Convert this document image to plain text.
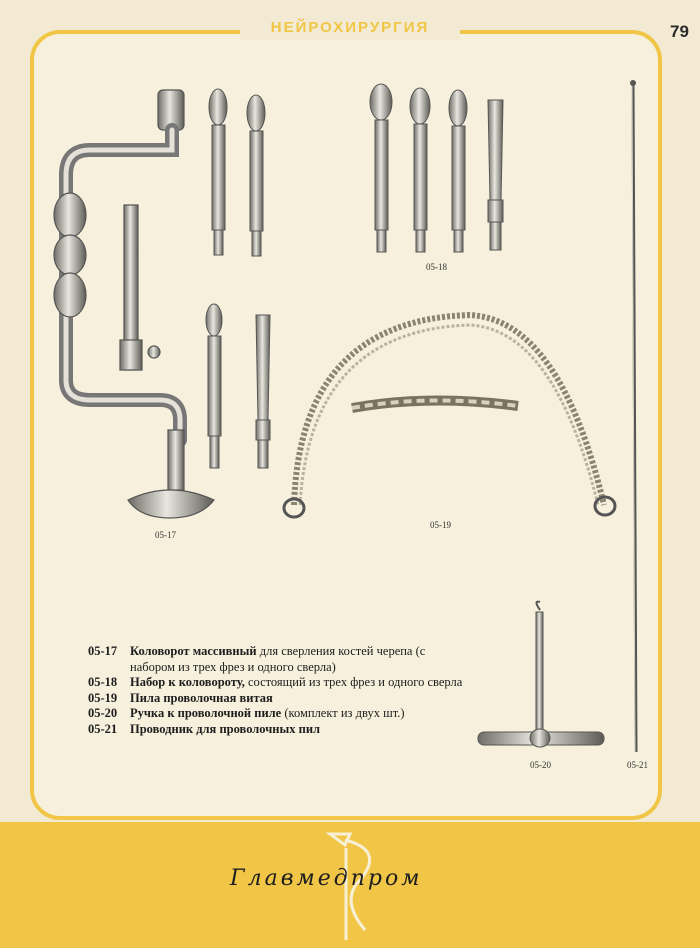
НЕЙРОХИРУРГИЯ	79
05-17
05-18
05-19
05-20	05-21
05-17	Коловорот массивный для сверления костей черепа (с набором из трех фрез и одного сверла)
05-18	Набор к коловороту, состоящий из трех фрез и одного сверла
05-19	Пила проволочная витая
05-20	Ручка к проволочной пиле (комплект из двух шт.)
05-21	Проводник для проволочных пил
Главмедпром
